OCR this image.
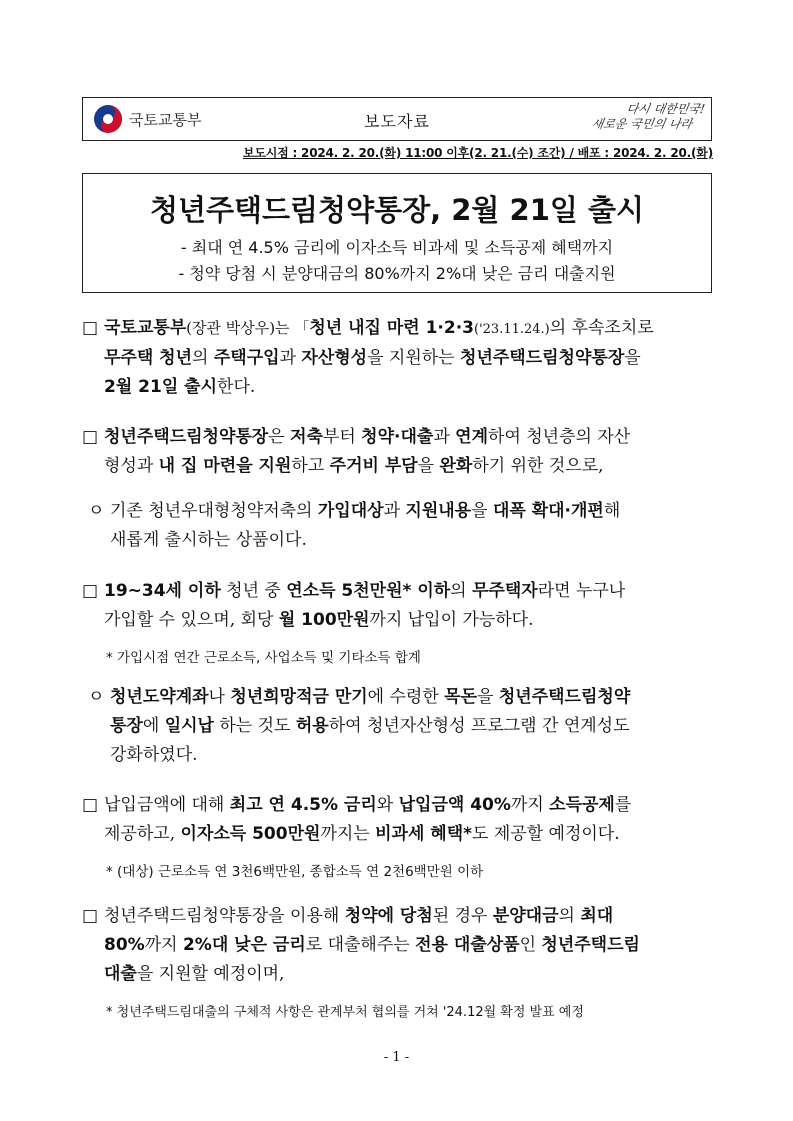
국토교통부	보도자료
다시 대한민국!
새로운 국민의 나라
보도시점 : 2024. 2. 20.(화) 11:00 이후(2. 21.(수) 조간) / 배포 : 2024. 2. 20.(화)
청년주택드림청약통장, 2월 21일 출시
- 최대 연 4.5% 금리에 이자소득 비과세 및 소득공제 혜택까지
- 청약 당첨 시 분양대금의 80%까지 2%대 낮은 금리 대출지원
□ 국토교통부(장관 박상우)는 「청년 내집 마련 1·2·3('23.11.24.)의 후속조치로
무주택 청년의 주택구입과 자산형성을 지원하는 청년주택드림청약통장을
2월 21일 출시한다.
□ 청년주택드림청약통장은 저축부터 청약·대출과 연계하여 청년층의 자산
형성과 내 집 마련을 지원하고 주거비 부담을 완화하기 위한 것으로,
ㅇ 기존 청년우대형청약저축의 가입대상과 지원내용을 대폭 확대·개편해
새롭게 출시하는 상품이다.
□ 19~34세 이하 청년 중 연소득 5천만원* 이하의 무주택자라면 누구나
가입할 수 있으며, 회당 월 100만원까지 납입이 가능하다.
* 가입시점 연간 근로소득, 사업소득 및 기타소득 합계
ㅇ 청년도약계좌나 청년희망적금 만기에 수령한 목돈을 청년주택드림청약
통장에 일시납 하는 것도 허용하여 청년자산형성 프로그램 간 연계성도
강화하였다.
□ 납입금액에 대해 최고 연 4.5% 금리와 납입금액 40%까지 소득공제를
제공하고, 이자소득 500만원까지는 비과세 혜택*도 제공할 예정이다.
* (대상) 근로소득 연 3천6백만원, 종합소득 연 2천6백만원 이하
□ 청년주택드림청약통장을 이용해 청약에 당첨된 경우 분양대금의 최대
80%까지 2%대 낮은 금리로 대출해주는 전용 대출상품인 청년주택드림
대출을 지원할 예정이며,
* 청년주택드림대출의 구체적 사항은 관계부처 협의를 거쳐 '24.12월 확정 발표 예정
- 1 -
